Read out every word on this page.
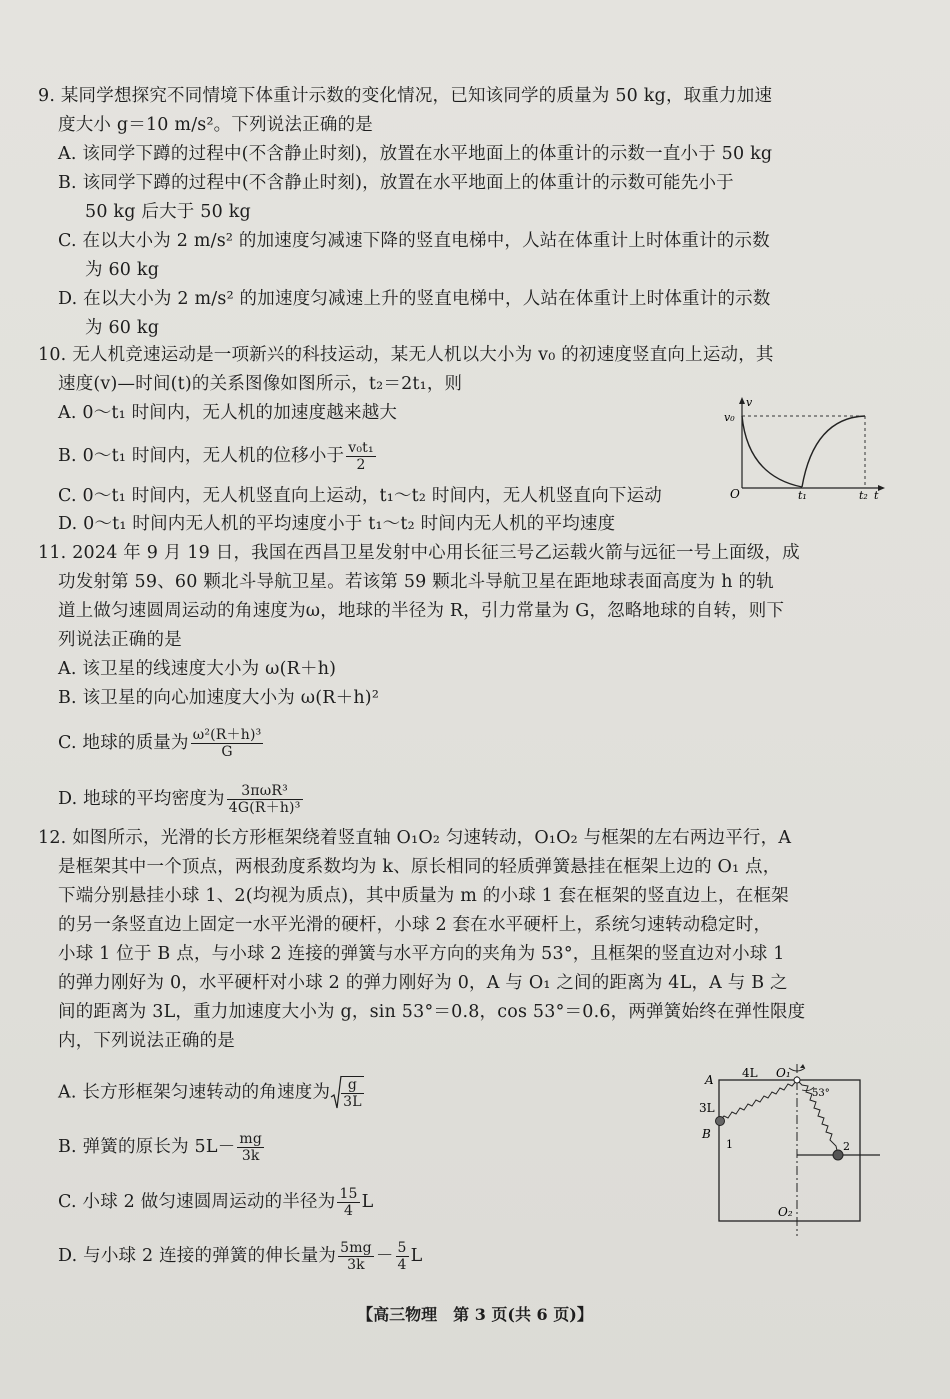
9. 某同学想探究不同情境下体重计示数的变化情况，已知该同学的质量为 50 kg，取重力加速
度大小 g＝10 m/s²。下列说法正确的是
A. 该同学下蹲的过程中(不含静止时刻)，放置在水平地面上的体重计的示数一直小于 50 kg
B. 该同学下蹲的过程中(不含静止时刻)，放置在水平地面上的体重计的示数可能先小于
50 kg 后大于 50 kg
C. 在以大小为 2 m/s² 的加速度匀减速下降的竖直电梯中，人站在体重计上时体重计的示数
为 60 kg
D. 在以大小为 2 m/s² 的加速度匀减速上升的竖直电梯中，人站在体重计上时体重计的示数
为 60 kg
10. 无人机竞速运动是一项新兴的科技运动，某无人机以大小为 v₀ 的初速度竖直向上运动，其
速度(v)—时间(t)的关系图像如图所示，t₂＝2t₁，则
A. 0～t₁ 时间内，无人机的加速度越来越大
B. 0～t₁ 时间内，无人机的位移小于 $\frac{\text{v₀t₁}}{2}$
C. 0～t₁ 时间内，无人机竖直向上运动，t₁～t₂ 时间内，无人机竖直向下运动
D. 0～t₁ 时间内无人机的平均速度小于 t₁～t₂ 时间内无人机的平均速度
v
v₀
O	t₁	t₂ t
11. 2024 年 9 月 19 日，我国在西昌卫星发射中心用长征三号乙运载火箭与远征一号上面级，成
功发射第 59、60 颗北斗导航卫星。若该第 59 颗北斗导航卫星在距地球表面高度为 h 的轨
道上做匀速圆周运动的角速度为ω，地球的半径为 R，引力常量为 G，忽略地球的自转，则下
列说法正确的是
A. 该卫星的线速度大小为 ω(R＋h)
B. 该卫星的向心加速度大小为 ω(R＋h)²
C. 地球的质量为 $\frac{\text{ω²(R＋h)³}}{G}$
D. 地球的平均密度为 $\frac{\text{3πωR³}}{\text{4G(R＋h)³}}$
12. 如图所示，光滑的长方形框架绕着竖直轴 O₁O₂ 匀速转动，O₁O₂ 与框架的左右两边平行，A
是框架其中一个顶点，两根劲度系数均为 k、原长相同的轻质弹簧悬挂在框架上边的 O₁ 点，
下端分别悬挂小球 1、2(均视为质点)，其中质量为 m 的小球 1 套在框架的竖直边上，在框架
的另一条竖直边上固定一水平光滑的硬杆，小球 2 套在水平硬杆上，系统匀速转动稳定时，
小球 1 位于 B 点，与小球 2 连接的弹簧与水平方向的夹角为 53°，且框架的竖直边对小球 1
的弹力刚好为 0，水平硬杆对小球 2 的弹力刚好为 0，A 与 O₁ 之间的距离为 4L，A 与 B 之
间的距离为 3L，重力加速度大小为 g，sin 53°＝0.8，cos 53°＝0.6，两弹簧始终在弹性限度
内，下列说法正确的是
A. 长方形框架匀速转动的角速度为 $\frac{g}{3L}$
B. 弹簧的原长为 $5L- \frac{mg}{3k}$
C. 小球 2 做匀速圆周运动的半径为 $\frac{15}{4}$ L
D. 与小球 2 连接的弹簧的伸长量为 $\frac{5mg}{3k} - \frac{5}{4}$ L
A 4L O₁
53°
3L
B
1	2
O₂
【高三物理　第 3 页(共 6 页)】
